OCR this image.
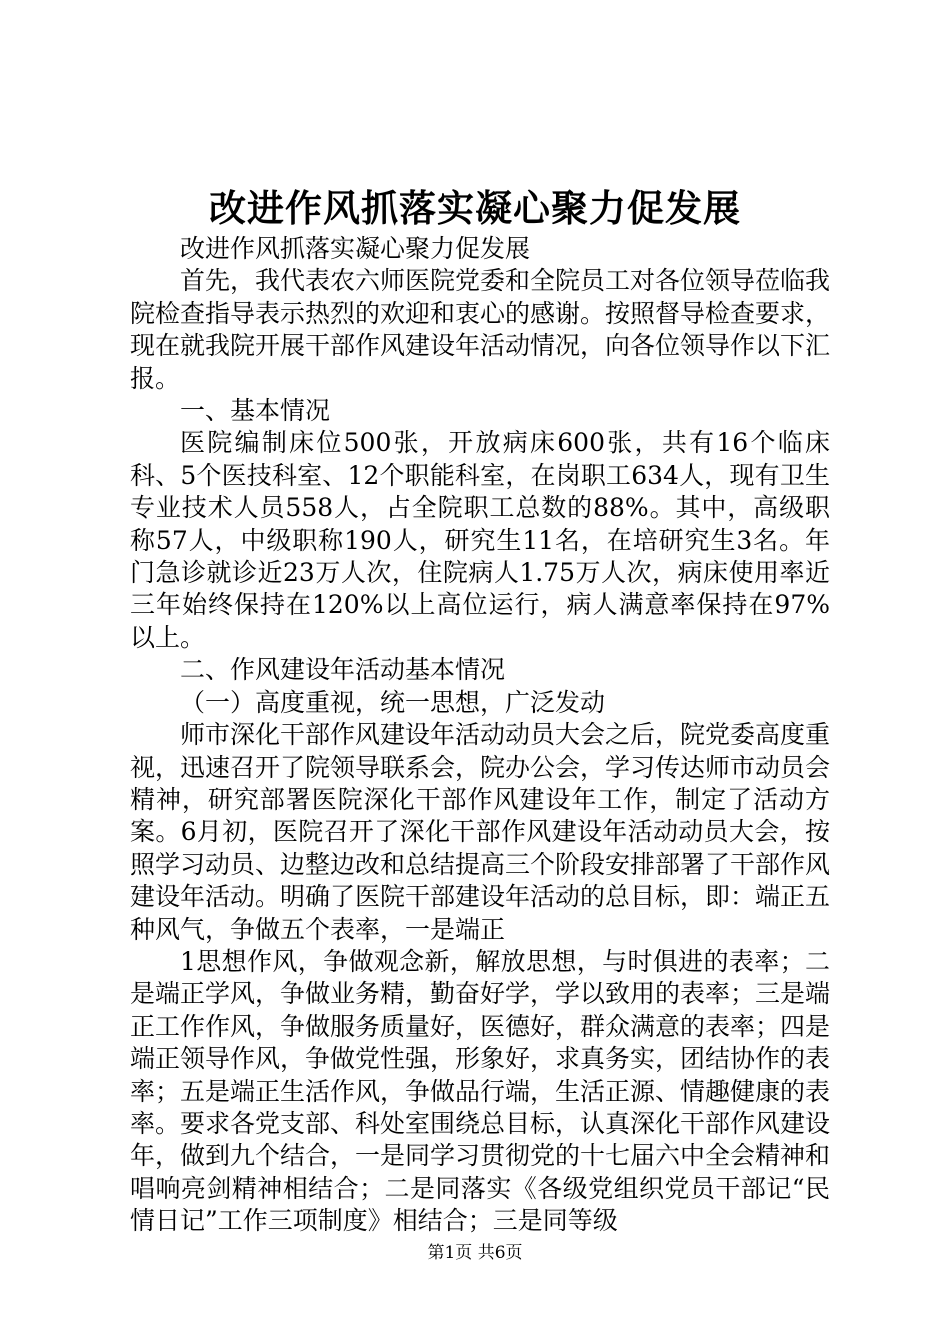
改进作风抓落实凝心聚力促发展

改进作风抓落实凝心聚力促发展

首先，我代表农六师医院党委和全院员工对各位领导莅临我院检查指导表示热烈的欢迎和衷心的感谢。按照督导检查要求，现在就我院开展干部作风建设年活动情况，向各位领导作以下汇报。

一、基本情况

医院编制床位500张，开放病床600张，共有16个临床科、5个医技科室、12个职能科室，在岗职工634人，现有卫生专业技术人员558人，占全院职工总数的88%。其中，高级职称57人，中级职称190人，研究生11名，在培研究生3名。年门急诊就诊近23万人次，住院病人1.75万人次，病床使用率近三年始终保持在120%以上高位运行，病人满意率保持在97%以上。

二、作风建设年活动基本情况

（一）高度重视，统一思想，广泛发动

师市深化干部作风建设年活动动员大会之后，院党委高度重视，迅速召开了院领导联系会，院办公会，学习传达师市动员会精神，研究部署医院深化干部作风建设年工作，制定了活动方案。6月初，医院召开了深化干部作风建设年活动动员大会，按照学习动员、边整边改和总结提高三个阶段安排部署了干部作风建设年活动。明确了医院干部建设年活动的总目标，即：端正五种风气，争做五个表率，一是端正

1思想作风，争做观念新，解放思想，与时俱进的表率；二是端正学风，争做业务精，勤奋好学，学以致用的表率；三是端正工作作风，争做服务质量好，医德好，群众满意的表率；四是端正领导作风，争做党性强，形象好，求真务实，团结协作的表率；五是端正生活作风，争做品行端，生活正源、情趣健康的表率。要求各党支部、科处室围绕总目标，认真深化干部作风建设年，做到九个结合，一是同学习贯彻党的十七届六中全会精神和唱响亮剑精神相结合；二是同落实《各级党组织党员干部记“民情日记”工作三项制度》相结合；三是同等级

第1页 共6页
